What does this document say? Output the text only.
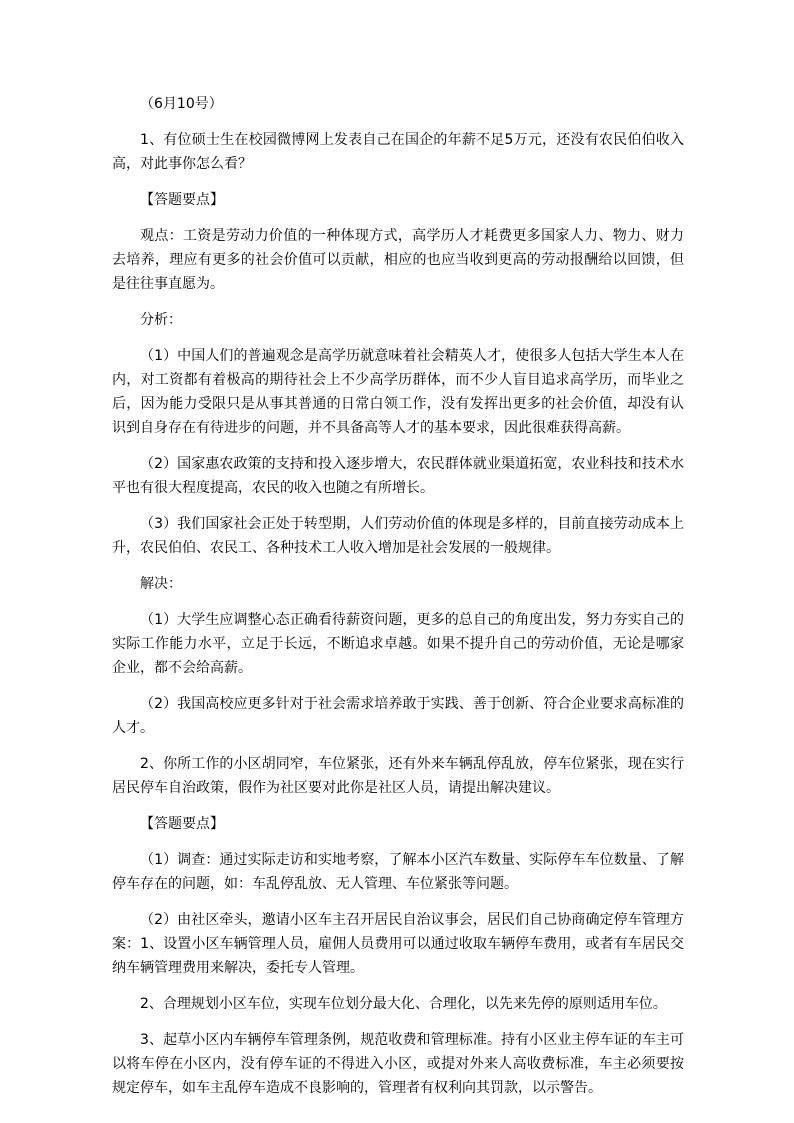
（6月10号）

1、有位硕士生在校园微博网上发表自己在国企的年薪不足5万元，还没有农民伯伯收入高，对此事你怎么看？

【答题要点】

观点：工资是劳动力价值的一种体现方式，高学历人才耗费更多国家人力、物力、财力去培养，理应有更多的社会价值可以贡献，相应的也应当收到更高的劳动报酬给以回馈，但是往往事直愿为。

分析：

（1）中国人们的普遍观念是高学历就意味着社会精英人才，使很多人包括大学生本人在内，对工资都有着极高的期待社会上不少高学历群体，而不少人盲目追求高学历，而毕业之后，因为能力受限只是从事其普通的日常白领工作，没有发挥出更多的社会价值，却没有认识到自身存在有待进步的问题，并不具备高等人才的基本要求，因此很难获得高薪。

（2）国家惠农政策的支持和投入逐步增大，农民群体就业渠道拓宽，农业科技和技术水平也有很大程度提高，农民的收入也随之有所增长。

（3）我们国家社会正处于转型期，人们劳动价值的体现是多样的，目前直接劳动成本上升，农民伯伯、农民工、各种技术工人收入增加是社会发展的一般规律。

解决：

（1）大学生应调整心态正确看待薪资问题，更多的总自己的角度出发，努力夯实自己的实际工作能力水平，立足于长远，不断追求卓越。如果不提升自己的劳动价值，无论是哪家企业，都不会给高薪。

（2）我国高校应更多针对于社会需求培养敢于实践、善于创新、符合企业要求高标准的人才。

2、你所工作的小区胡同窄，车位紧张，还有外来车辆乱停乱放，停车位紧张，现在实行居民停车自治政策，假作为社区要对此你是社区人员，请提出解决建议。

【答题要点】

（1）调查：通过实际走访和实地考察，了解本小区汽车数量、实际停车车位数量、了解停车存在的问题，如：车乱停乱放、无人管理、车位紧张等问题。

（2）由社区牵头，邀请小区车主召开居民自治议事会，居民们自己协商确定停车管理方案：1、设置小区车辆管理人员，雇佣人员费用可以通过收取车辆停车费用，或者有车居民交纳车辆管理费用来解决，委托专人管理。

2、合理规划小区车位，实现车位划分最大化、合理化，以先来先停的原则适用车位。

3、起草小区内车辆停车管理条例，规范收费和管理标准。持有小区业主停车证的车主可以将车停在小区内，没有停车证的不得进入小区，或提对外来人高收费标准，车主必须要按规定停车，如车主乱停车造成不良影响的，管理者有权利向其罚款，以示警告。
